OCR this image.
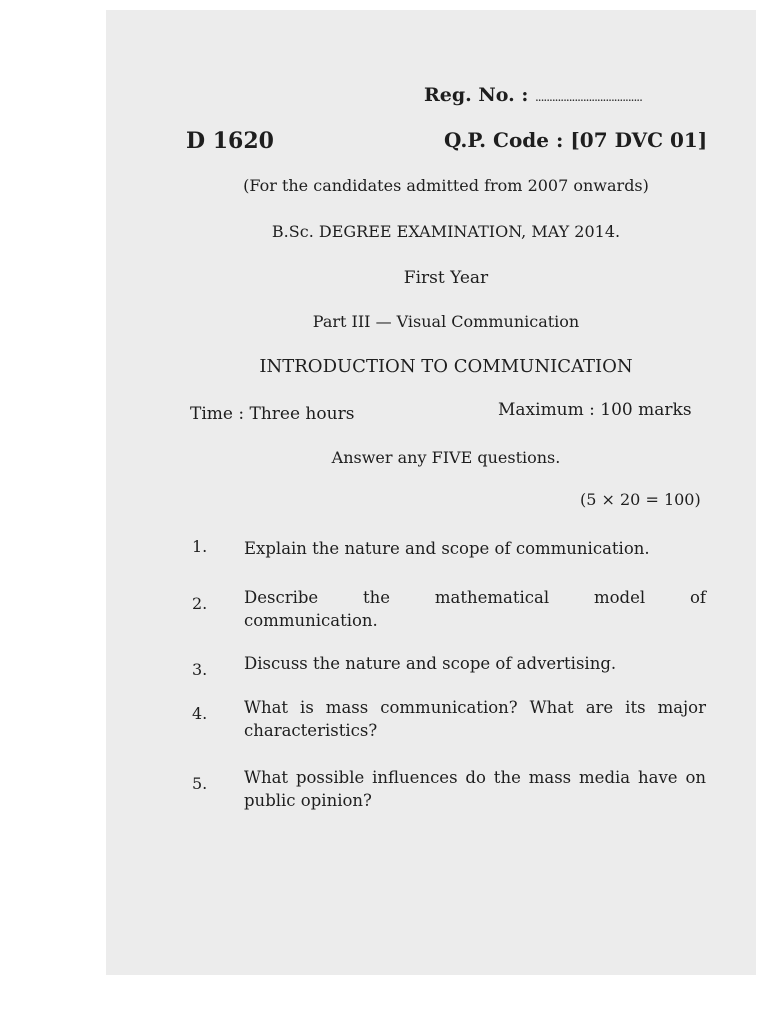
Reg. No. : ......................................
D 1620	Q.P. Code : [07 DVC 01]
(For the candidates admitted from 2007 onwards)
B.Sc. DEGREE EXAMINATION, MAY 2014.
First Year
Part III — Visual Communication
INTRODUCTION TO COMMUNICATION
Time : Three hours	Maximum : 100 marks
Answer any FIVE questions.
(5 × 20 = 100)
1. Explain the nature and scope of communication.
2. Describe the mathematical model of
communication.
3. Discuss the nature and scope of advertising.
4. What is mass communication? What are its major characteristics?
5. What possible influences do the mass media have on public opinion?
